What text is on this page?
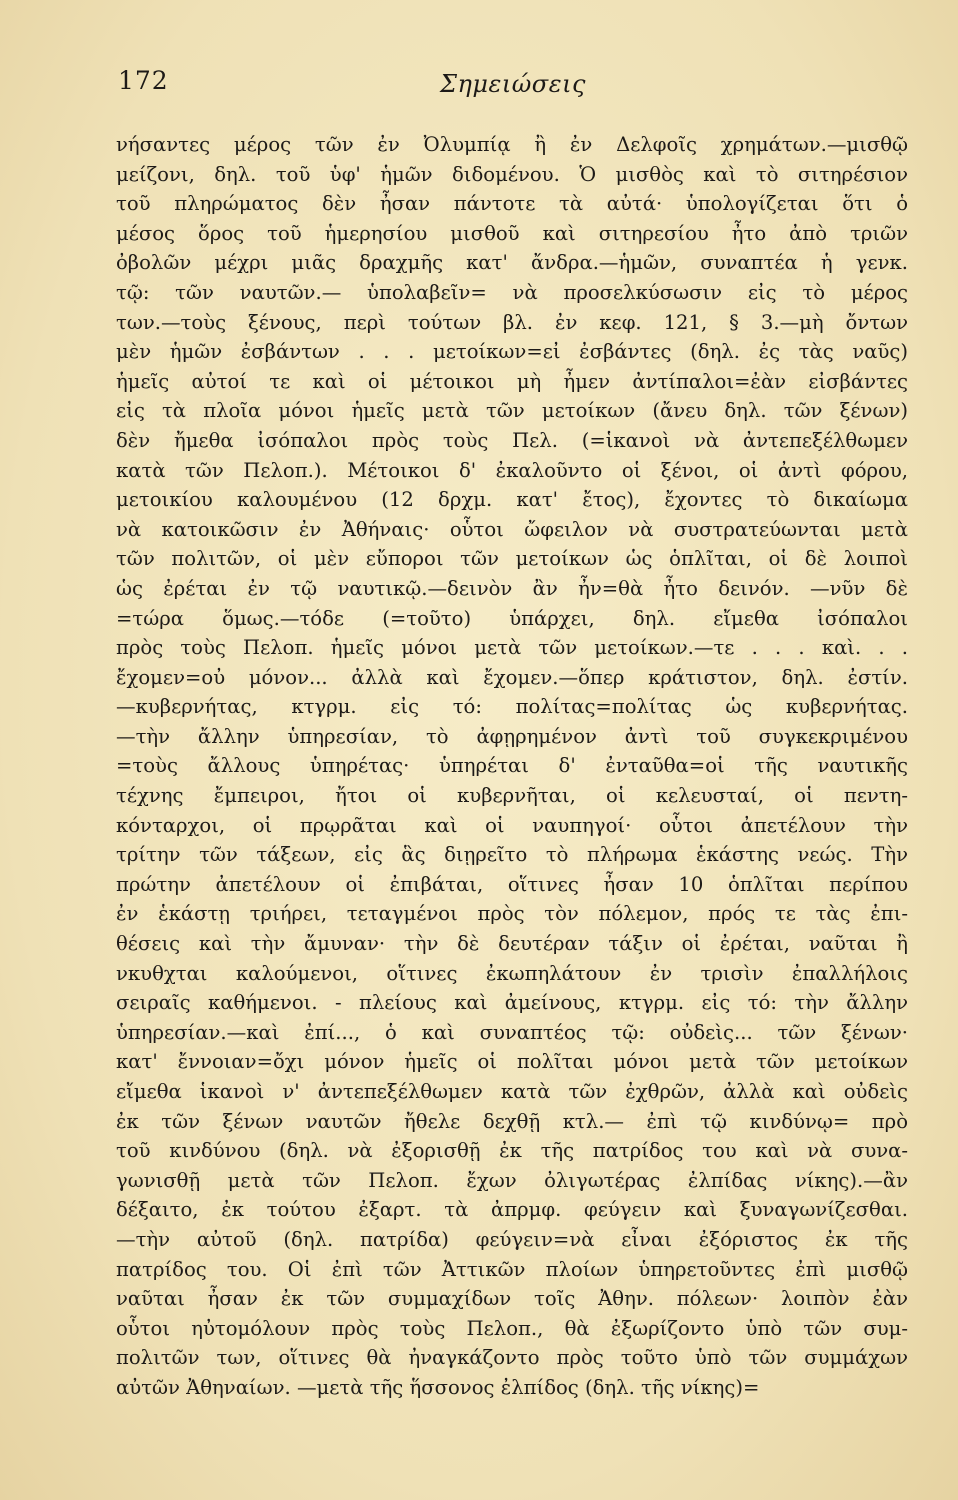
172	Σημειώσεις
νήσαντες μέρος τῶν ἐν Ὀλυμπίᾳ ἢ ἐν Δελφοῖς χρημάτων.—μισθῷ
μείζονι, δηλ. τοῦ ὑφ' ἡμῶν διδομένου. Ὁ μισθὸς καὶ τὸ σιτηρέσιον
τοῦ πληρώματος δὲν ἦσαν πάντοτε τὰ αὐτά· ὑπολογίζεται ὅτι ὁ
μέσος ὅρος τοῦ ἡμερησίου μισθοῦ καὶ σιτηρεσίου ἦτο ἀπὸ τριῶν
ὀβολῶν μέχρι μιᾶς δραχμῆς κατ' ἄνδρα.—ἡμῶν, συναπτέα ἡ γενκ.
τῷ: τῶν ναυτῶν.— ὑπολαβεῖν= νὰ προσελκύσωσιν εἰς τὸ μέρος
των.—τοὺς ξένους, περὶ τούτων βλ. ἐν κεφ. 121, § 3.—μὴ ὄντων
μὲν ἡμῶν ἐσβάντων . . . μετοίκων=εἰ ἐσβάντες (δηλ. ἐς τὰς ναῦς)
ἡμεῖς αὐτοί τε καὶ οἱ μέτοικοι μὴ ἦμεν ἀντίπαλοι=ἐὰν εἰσβάντες
εἰς τὰ πλοῖα μόνοι ἡμεῖς μετὰ τῶν μετοίκων (ἄνευ δηλ. τῶν ξένων)
δὲν ἤμεθα ἰσόπαλοι πρὸς τοὺς Πελ. (=ἱκανοὶ νὰ ἀντεπεξέλθωμεν
κατὰ τῶν Πελοπ.). Μέτοικοι δ' ἐκαλοῦντο οἱ ξένοι, οἱ ἀντὶ φόρου,
μετοικίου καλουμένου (12 δρχμ. κατ' ἔτος), ἔχοντες τὸ δικαίωμα
νὰ κατοικῶσιν ἐν Ἀθήναις· οὗτοι ὤφειλον νὰ συστρατεύωνται μετὰ
τῶν πολιτῶν, οἱ μὲν εὔποροι τῶν μετοίκων ὡς ὁπλῖται, οἱ δὲ λοιποὶ
ὡς ἐρέται ἐν τῷ ναυτικῷ.—δεινὸν ἂν ἦν=θὰ ἦτο δεινόν. —νῦν δὲ
=τώρα ὅμως.—τόδε (=τοῦτο) ὑπάρχει, δηλ. εἴμεθα ἰσόπαλοι
πρὸς τοὺς Πελοπ. ἡμεῖς μόνοι μετὰ τῶν μετοίκων.—τε . . . καὶ. . .
ἔχομεν=οὐ μόνον... ἀλλὰ καὶ ἔχομεν.—ὅπερ κράτιστον, δηλ. ἐστίν.
—κυβερνήτας, κτγρμ. εἰς τό: πολίτας=πολίτας ὡς κυβερνήτας.
—τὴν ἄλλην ὑπηρεσίαν, τὸ ἀφῃρημένον ἀντὶ τοῦ συγκεκριμένου
=τοὺς ἄλλους ὑπηρέτας· ὑπηρέται δ' ἐνταῦθα=οἱ τῆς ναυτικῆς
τέχνης ἔμπειροι, ἤτοι οἱ κυβερνῆται, οἱ κελευσταί, οἱ πεντη-
κόνταρχοι, οἱ πρῳρᾶται καὶ οἱ ναυπηγοί· οὗτοι ἀπετέλουν τὴν
τρίτην τῶν τάξεων, εἰς ἃς διῃρεῖτο τὸ πλήρωμα ἑκάστης νεώς. Τὴν
πρώτην ἀπετέλουν οἱ ἐπιβάται, οἵτινες ἦσαν 10 ὁπλῖται περίπου
ἐν ἑκάστῃ τριήρει, τεταγμένοι πρὸς τὸν πόλεμον, πρός τε τὰς ἐπι-
θέσεις καὶ τὴν ἄμυναν· τὴν δὲ δευτέραν τάξιν οἱ ἐρέται, ναῦται ἢ
νκυθχται καλούμενοι, οἵτινες ἐκωπηλάτουν ἐν τρισὶν ἐπαλλήλοις
σειραῖς καθήμενοι. - πλείους καὶ ἀμείνους, κτγρμ. εἰς τό: τὴν ἄλλην
ὑπηρεσίαν.—καὶ ἐπί..., ὁ καὶ συναπτέος τῷ: οὐδεὶς... τῶν ξένων·
κατ' ἔννοιαν=ὄχι μόνον ἡμεῖς οἱ πολῖται μόνοι μετὰ τῶν μετοίκων
εἴμεθα ἱκανοὶ ν' ἀντεπεξέλθωμεν κατὰ τῶν ἐχθρῶν, ἀλλὰ καὶ οὐδεὶς
ἐκ τῶν ξένων ναυτῶν ἤθελε δεχθῇ κτλ.— ἐπὶ τῷ κινδύνῳ= πρὸ
τοῦ κινδύνου (δηλ. νὰ ἐξορισθῇ ἐκ τῆς πατρίδος του καὶ νὰ συνα-
γωνισθῇ μετὰ τῶν Πελοπ. ἔχων ὀλιγωτέρας ἐλπίδας νίκης).—ἂν
δέξαιτο, ἐκ τούτου ἐξαρτ. τὰ ἀπρμφ. φεύγειν καὶ ξυναγωνίζεσθαι.
—τὴν αὐτοῦ (δηλ. πατρίδα) φεύγειν=νὰ εἶναι ἐξόριστος ἐκ τῆς
πατρίδος του. Οἱ ἐπὶ τῶν Ἀττικῶν πλοίων ὑπηρετοῦντες ἐπὶ μισθῷ
ναῦται ἦσαν ἐκ τῶν συμμαχίδων τοῖς Ἀθην. πόλεων· λοιπὸν ἐὰν
οὗτοι ηὐτομόλουν πρὸς τοὺς Πελοπ., θὰ ἐξωρίζοντο ὑπὸ τῶν συμ-
πολιτῶν των, οἵτινες θὰ ἠναγκάζοντο πρὸς τοῦτο ὑπὸ τῶν συμμάχων
αὐτῶν Ἀθηναίων. —μετὰ τῆς ἥσσονος ἐλπίδος (δηλ. τῆς νίκης)=
